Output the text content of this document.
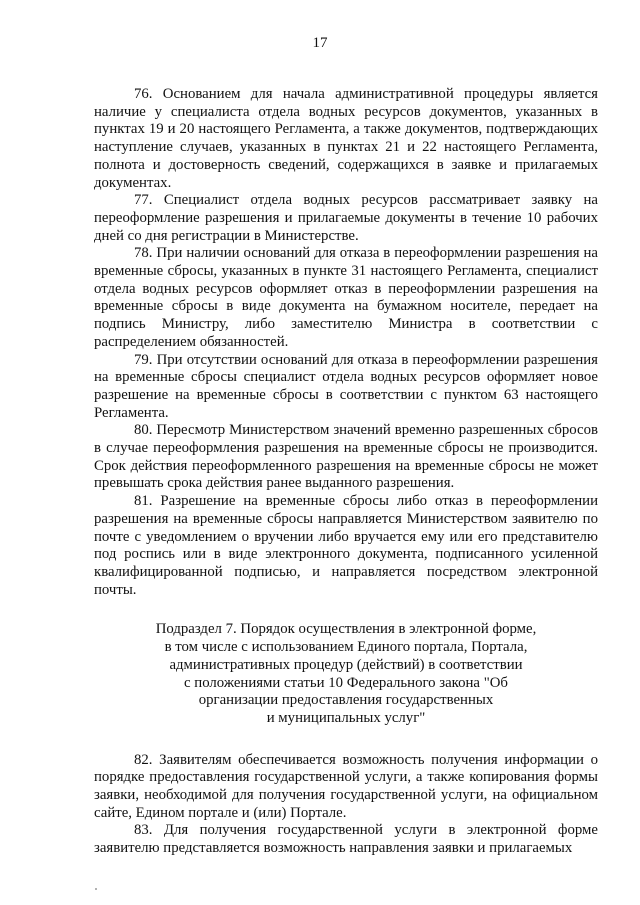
17

76. Основанием для начала административной процедуры является наличие у специалиста отдела водных ресурсов документов, указанных в пунктах 19 и 20 настоящего Регламента, а также документов, подтверждающих наступление случаев, указанных в пунктах 21 и 22 настоящего Регламента, полнота и достоверность сведений, содержащихся в заявке и прилагаемых документах.

77. Специалист отдела водных ресурсов рассматривает заявку на переоформление разрешения и прилагаемые документы в течение 10 рабочих дней со дня регистрации в Министерстве.

78. При наличии оснований для отказа в переоформлении разрешения на временные сбросы, указанных в пункте 31 настоящего Регламента, специалист отдела водных ресурсов оформляет отказ в переоформлении разрешения на временные сбросы в виде документа на бумажном носителе, передает на подпись Министру, либо заместителю Министра в соответствии с распределением обязанностей.

79. При отсутствии оснований для отказа в переоформлении разрешения на временные сбросы специалист отдела водных ресурсов оформляет новое разрешение на временные сбросы в соответствии с пунктом 63 настоящего Регламента.

80. Пересмотр Министерством значений временно разрешенных сбросов в случае переоформления разрешения на временные сбросы не производится. Срок действия переоформленного разрешения на временные сбросы не может превышать срока действия ранее выданного разрешения.

81. Разрешение на временные сбросы либо отказ в переоформлении разрешения на временные сбросы направляется Министерством заявителю по почте с уведомлением о вручении либо вручается ему или его представителю под роспись или в виде электронного документа, подписанного усиленной квалифицированной подписью, и направляется посредством электронной почты.

Подраздел 7. Порядок осуществления в электронной форме,
в том числе с использованием Единого портала, Портала,
административных процедур (действий) в соответствии
с положениями статьи 10 Федерального закона "Об
организации предоставления государственных
и муниципальных услуг"

82. Заявителям обеспечивается возможность получения информации о порядке предоставления государственной услуги, а также копирования формы заявки, необходимой для получения государственной услуги, на официальном сайте, Едином портале и (или) Портале.

83. Для получения государственной услуги в электронной форме заявителю представляется возможность направления заявки и прилагаемых
